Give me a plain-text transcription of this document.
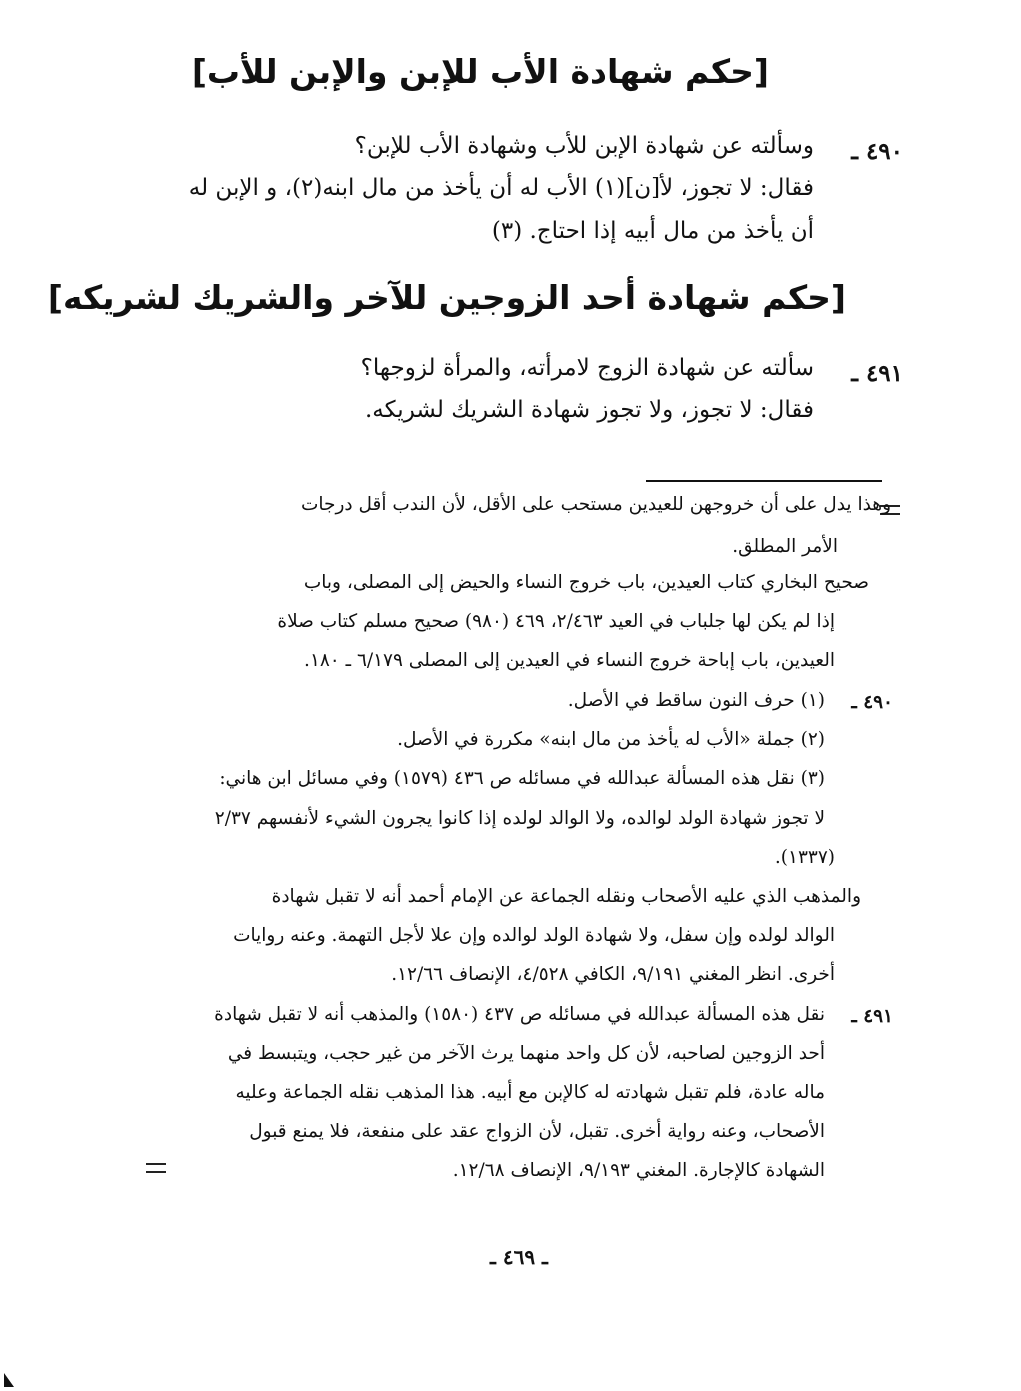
[حكم شهادة الأب للإبن والإبن للأب]
[حكم شهادة أحد الزوجين للآخر والشريك لشريكه]
٤٩٠ ـ
وسألته عن شهادة الإبن للأب وشهادة الأب للإبن؟
فقال: لا تجوز، لأ[ن](١) الأب له أن يأخذ من مال ابنه(٢)، و الإبن له
أن يأخذ من مال أبيه إذا احتاج. (٣)
٤٩١ ـ
سألته عن شهادة الزوج لامرأته، والمرأة لزوجها؟
فقال: لا تجوز، ولا تجوز شهادة الشريك لشريكه.
وهذا يدل على أن خروجهن للعيدين مستحب على الأقل، لأن الندب أقل درجات
الأمر المطلق.
صحيح البخاري كتاب العيدين، باب خروج النساء والحيض إلى المصلى، وباب
إذا لم يكن لها جلباب في العيد ٢/٤٦٣، ٤٦٩ (٩٨٠) صحيح مسلم كتاب صلاة
العيدين، باب إباحة خروج النساء في العيدين إلى المصلى ٦/١٧٩ ـ ١٨٠.
٤٩٠ ـ
(١) حرف النون ساقط في الأصل.
(٢) جملة «الأب له يأخذ من مال ابنه» مكررة في الأصل.
(٣) نقل هذه المسألة عبدالله في مسائله ص ٤٣٦ (١٥٧٩) وفي مسائل ابن هاني:
لا تجوز شهادة الولد لوالده، ولا الوالد لولده إذا كانوا يجرون الشيء لأنفسهم ٢/٣٧
(١٣٣٧).
والمذهب الذي عليه الأصحاب ونقله الجماعة عن الإمام أحمد أنه لا تقبل شهادة
الوالد لولده وإن سفل، ولا شهادة الولد لوالده وإن علا لأجل التهمة. وعنه روايات
أخرى. انظر المغني ٩/١٩١، الكافي ٤/٥٢٨، الإنصاف ١٢/٦٦.
٤٩١ ـ
نقل هذه المسألة عبدالله في مسائله ص ٤٣٧ (١٥٨٠) والمذهب أنه لا تقبل شهادة
أحد الزوجين لصاحبه، لأن كل واحد منهما يرث الآخر من غير حجب، ويتبسط في
ماله عادة، فلم تقبل شهادته له كالإبن مع أبيه. هذا المذهب نقله الجماعة وعليه
الأصحاب، وعنه رواية أخرى. تقبل، لأن الزواج عقد على منفعة، فلا يمنع قبول
الشهادة كالإجارة. المغني ٩/١٩٣، الإنصاف ١٢/٦٨.
ـ ٤٦٩ ـ
